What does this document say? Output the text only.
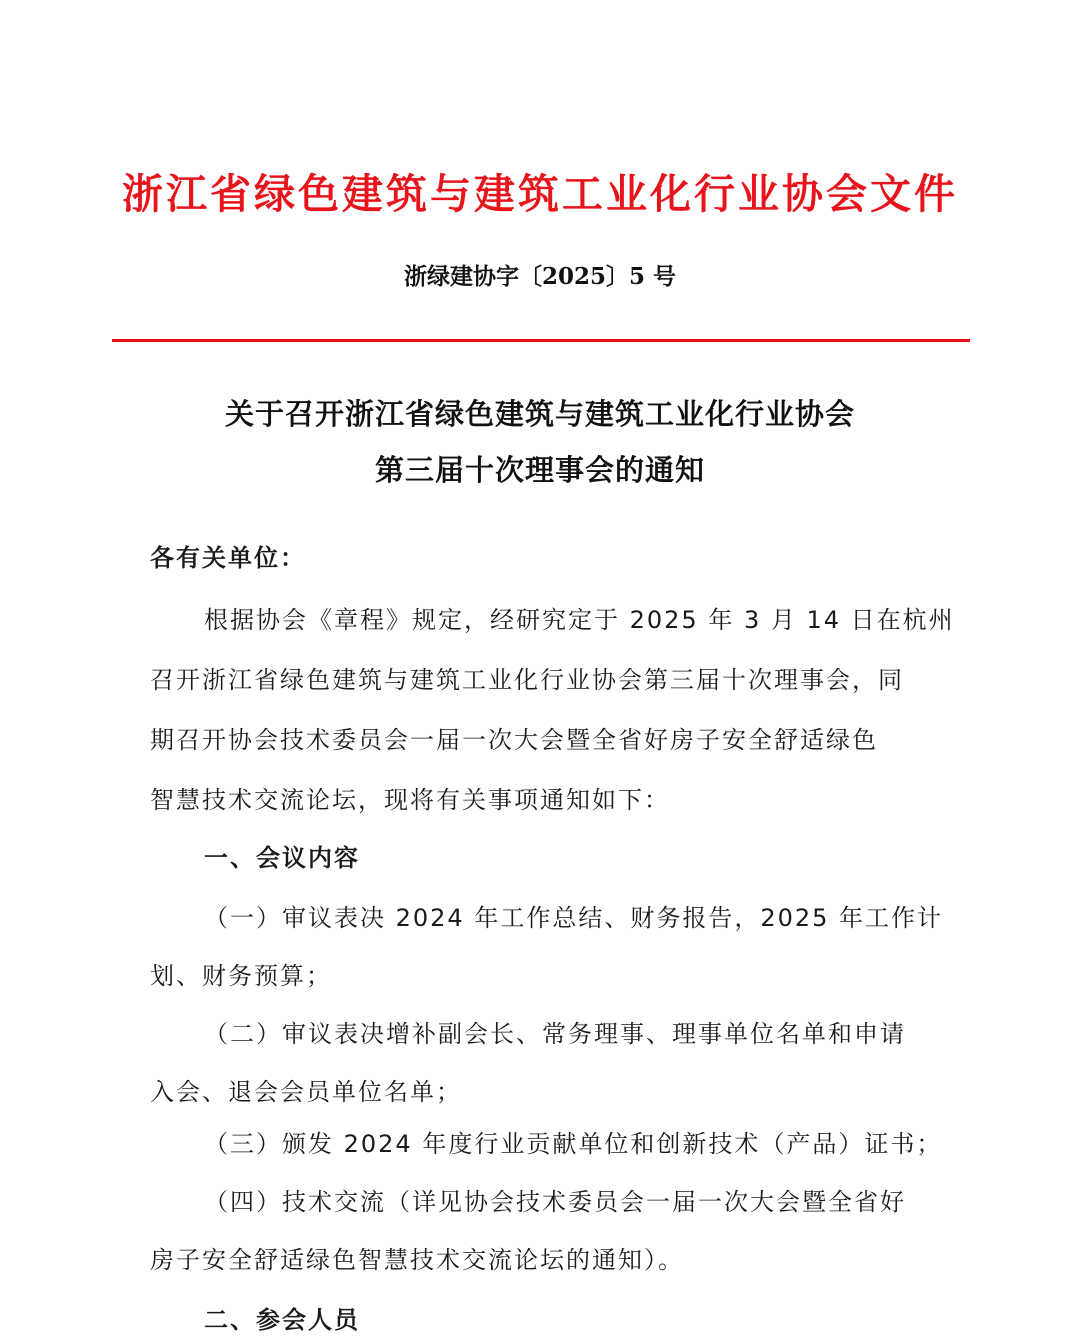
浙江省绿色建筑与建筑工业化行业协会文件
浙绿建协字〔2025〕5 号
关于召开浙江省绿色建筑与建筑工业化行业协会
第三届十次理事会的通知
各有关单位：
根据协会《章程》规定，经研究定于 2025 年 3 月 14 日在杭州
召开浙江省绿色建筑与建筑工业化行业协会第三届十次理事会，同
期召开协会技术委员会一届一次大会暨全省好房子安全舒适绿色
智慧技术交流论坛，现将有关事项通知如下：
一、会议内容
（一）审议表决 2024 年工作总结、财务报告，2025 年工作计
划、财务预算；
（二）审议表决增补副会长、常务理事、理事单位名单和申请
入会、退会会员单位名单；
（三）颁发 2024 年度行业贡献单位和创新技术（产品）证书；
（四）技术交流（详见协会技术委员会一届一次大会暨全省好
房子安全舒适绿色智慧技术交流论坛的通知）。
二、参会人员
